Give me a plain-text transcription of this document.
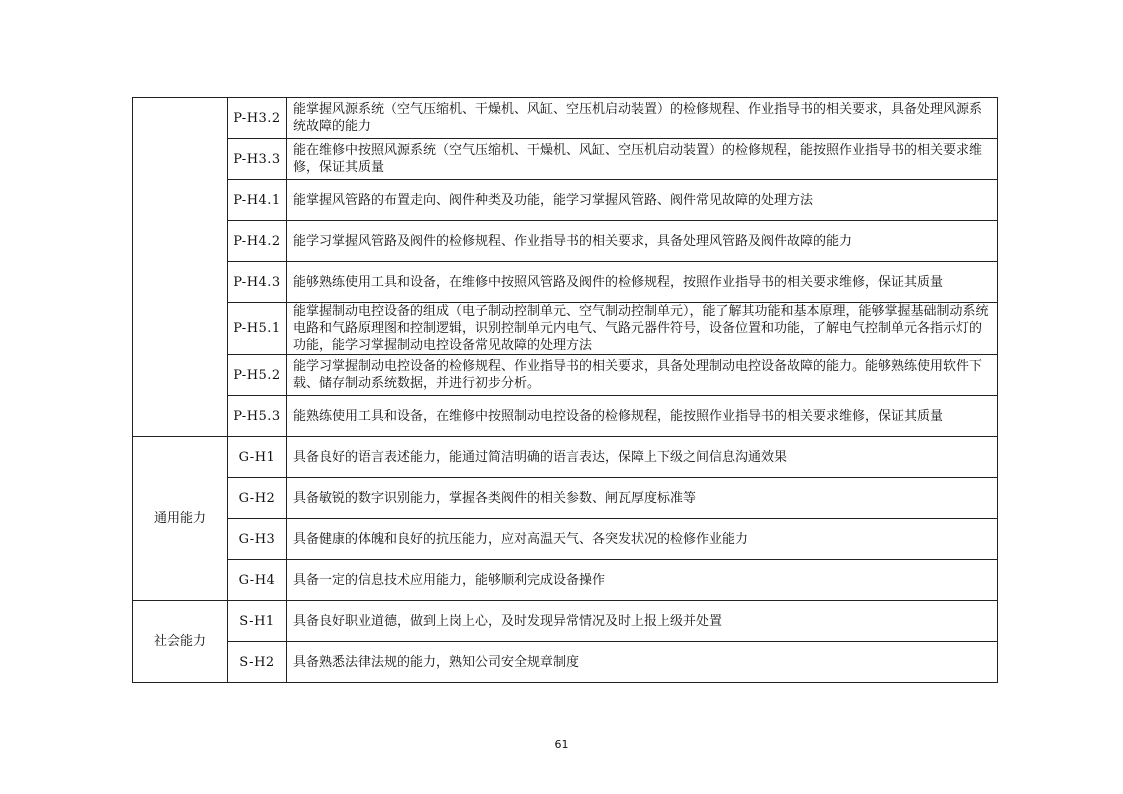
	P-H3.2	能掌握风源系统（空气压缩机、干燥机、风缸、空压机启动装置）的检修规程、作业指导书的相关要求，具备处理风源系统故障的能力
	P-H3.3	能在维修中按照风源系统（空气压缩机、干燥机、风缸、空压机启动装置）的检修规程，能按照作业指导书的相关要求维修，保证其质量
	P-H4.1	能掌握风管路的布置走向、阀件种类及功能，能学习掌握风管路、阀件常见故障的处理方法
	P-H4.2	能学习掌握风管路及阀件的检修规程、作业指导书的相关要求，具备处理风管路及阀件故障的能力
	P-H4.3	能够熟练使用工具和设备，在维修中按照风管路及阀件的检修规程，按照作业指导书的相关要求维修，保证其质量
	P-H5.1	能掌握制动电控设备的组成（电子制动控制单元、空气制动控制单元），能了解其功能和基本原理，能够掌握基础制动系统电路和气路原理图和控制逻辑，识别控制单元内电气、气路元器件符号，设备位置和功能，了解电气控制单元各指示灯的功能，能学习掌握制动电控设备常见故障的处理方法
	P-H5.2	能学习掌握制动电控设备的检修规程、作业指导书的相关要求，具备处理制动电控设备故障的能力。能够熟练使用软件下载、储存制动系统数据，并进行初步分析。
	P-H5.3	能熟练使用工具和设备，在维修中按照制动电控设备的检修规程，能按照作业指导书的相关要求维修，保证其质量
通用能力	G-H1	具备良好的语言表述能力，能通过简洁明确的语言表达，保障上下级之间信息沟通效果
	G-H2	具备敏锐的数字识别能力，掌握各类阀件的相关参数、闸瓦厚度标准等
	G-H3	具备健康的体魄和良好的抗压能力，应对高温天气、各突发状况的检修作业能力
	G-H4	具备一定的信息技术应用能力，能够顺利完成设备操作
社会能力	S-H1	具备良好职业道德，做到上岗上心，及时发现异常情况及时上报上级并处置
	S-H2	具备熟悉法律法规的能力，熟知公司安全规章制度
61
